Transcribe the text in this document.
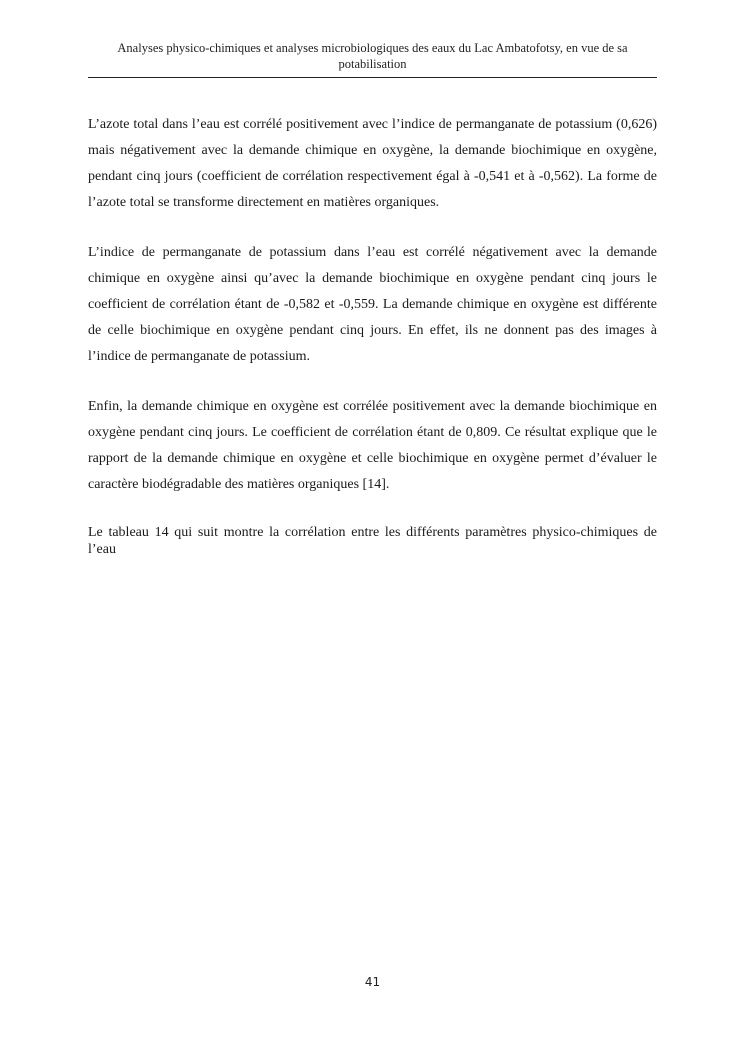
Analyses physico-chimiques et analyses microbiologiques des eaux du Lac Ambatofotsy, en vue de sa potabilisation

L’azote total dans l’eau est corrélé positivement avec l’indice de permanganate de potassium (0,626) mais négativement avec la demande chimique en oxygène, la demande biochimique en oxygène, pendant cinq jours (coefficient de corrélation respectivement égal à -0,541 et à -0,562). La forme de l’azote total se transforme directement en matières organiques.

L’indice de permanganate de potassium dans l’eau est corrélé négativement avec la demande chimique en oxygène ainsi qu’avec la demande biochimique en oxygène pendant cinq jours le coefficient de corrélation étant de -0,582 et -0,559. La demande chimique en oxygène est différente de celle biochimique en oxygène pendant cinq jours. En effet, ils ne donnent pas des images à l’indice de permanganate de potassium.

Enfin, la demande chimique en oxygène est corrélée positivement avec la demande biochimique en oxygène pendant cinq jours. Le coefficient de corrélation étant de 0,809. Ce résultat explique que le rapport de la demande chimique en oxygène et celle biochimique en oxygène permet d’évaluer le caractère biodégradable des matières organiques [14].

Le tableau 14 qui suit montre la corrélation entre les différents paramètres physico-chimiques de l’eau

41
